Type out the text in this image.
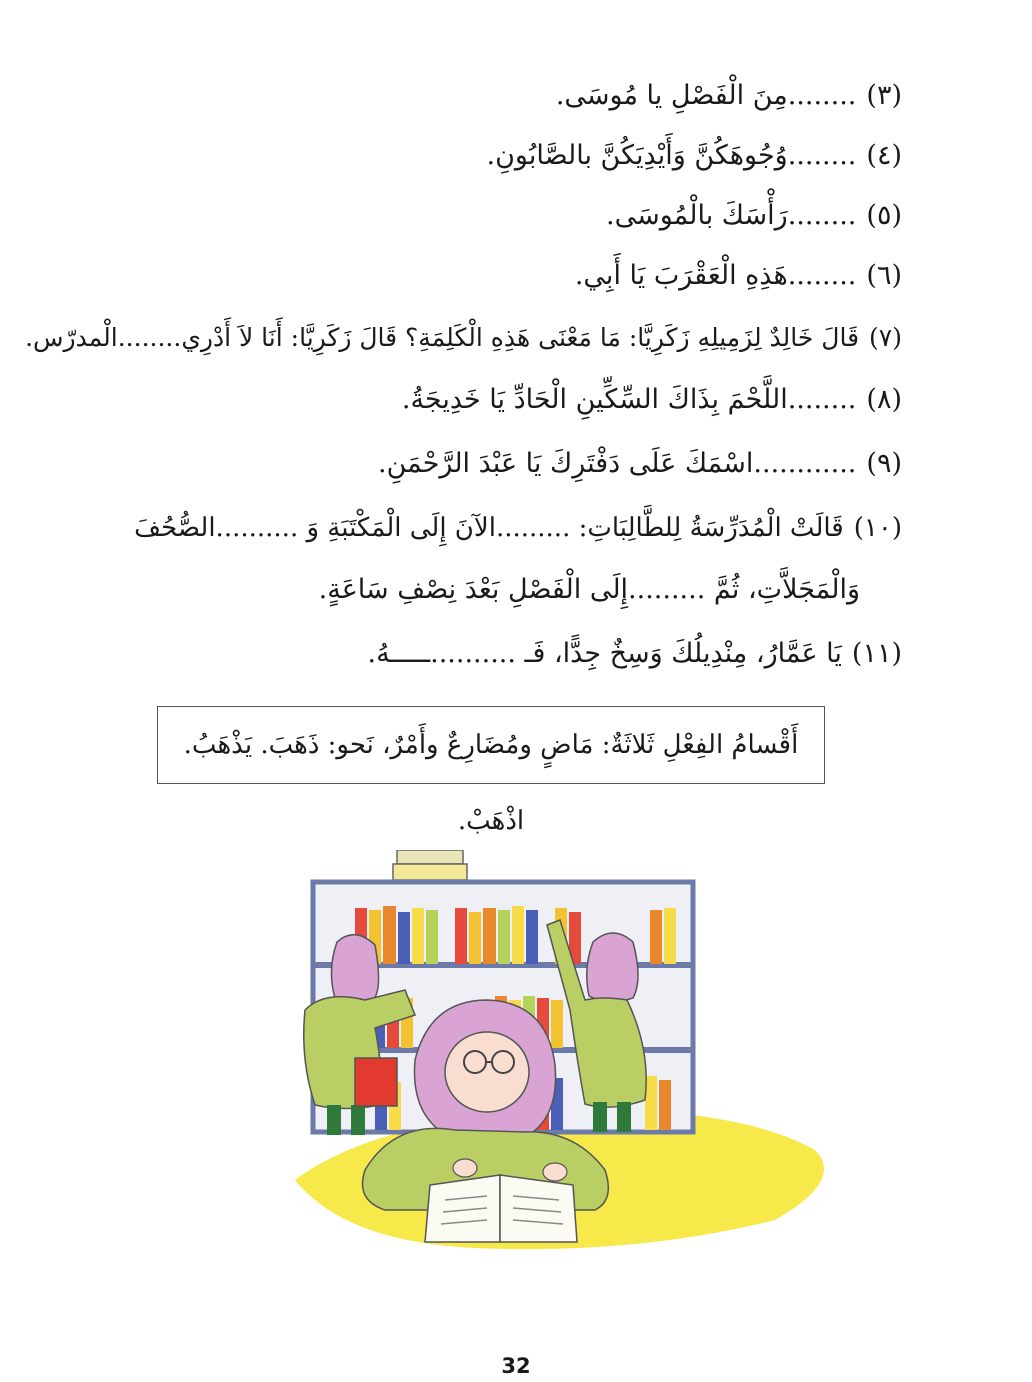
(٣)........مِنَ الْفَصْلِ يا مُوسَى.
(٤)........وُجُوهَكُنَّ وَأَيْدِيَكُنَّ بالصَّابُونِ.
(٥)........رَأْسَكَ بالْمُوسَى.
(٦)........هَذِهِ الْعَقْرَبَ يَا أَبِي.
(٧)قَالَ خَالِدٌ لِزَمِيلِهِ زَكَرِيَّا: مَا مَعْنَى هَذِهِ الْكَلِمَةِ؟ قَالَ زَكَرِيَّا: أَنَا لاَ أَدْرِي........الْمدرّس.
(٨)........اللَّحْمَ بِذَاكَ السِّكِّينِ الْحَادِّ يَا خَدِيجَةُ.
(٩)............اسْمَكَ عَلَى دَفْتَرِكَ يَا عَبْدَ الرَّحْمَنِ.
(١٠)قَالَتْ الْمُدَرِّسَةُ لِلطَّالِبَاتِ: .........الآنَ إِلَى الْمَكْتَبَةِ وَ ..........الصُّحُفَ
وَالْمَجَلاَّتِ، ثُمَّ .........إِلَى الْفَصْلِ بَعْدَ نِصْفِ سَاعَةٍ.
(١١)يَا عَمَّارُ، مِنْدِيلُكَ وَسِخٌ جِدًّا، فَـ ..........ـــــهُ.
أَقْسامُ الفِعْلِ ثَلاثَةٌ: مَاضٍ ومُضَارِعٌ وأَمْرٌ، نَحو: ذَهَبَ. يَذْهَبُ. اذْهَبْ.
32
